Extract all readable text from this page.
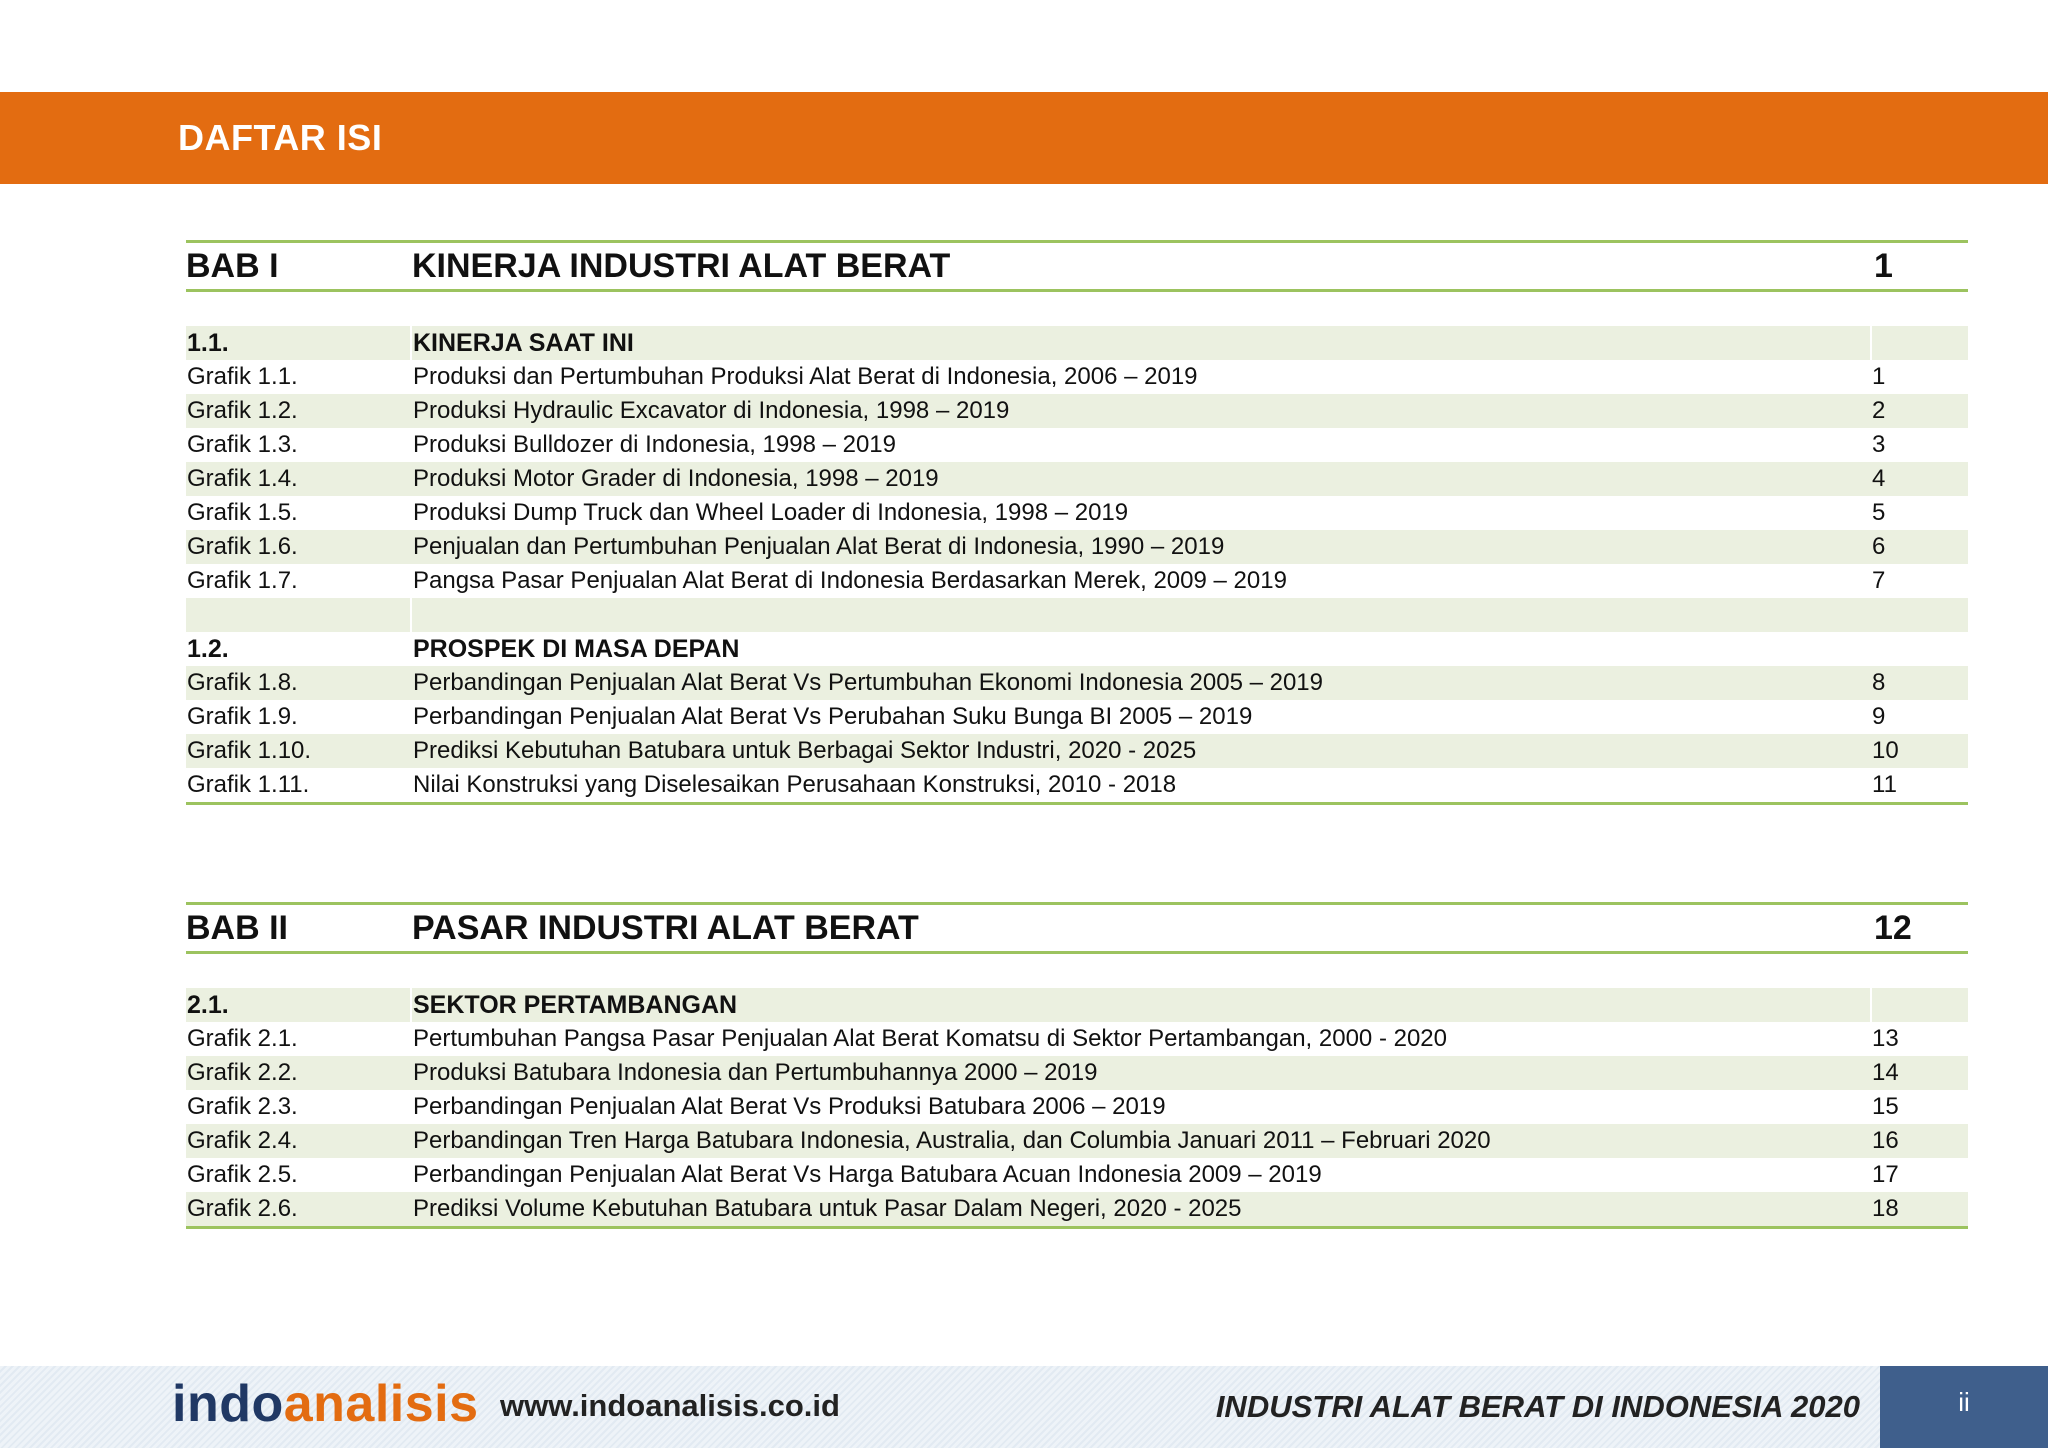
DAFTAR ISI
BAB I	KINERJA INDUSTRI ALAT BERAT	1
1.1.	KINERJA SAAT INI
Grafik 1.1.	Produksi dan Pertumbuhan Produksi Alat Berat di Indonesia, 2006 – 2019	1
Grafik 1.2.	Produksi Hydraulic Excavator di Indonesia, 1998 – 2019	2
Grafik 1.3.	Produksi Bulldozer di Indonesia, 1998 – 2019	3
Grafik 1.4.	Produksi Motor Grader di Indonesia, 1998 – 2019	4
Grafik 1.5.	Produksi Dump Truck dan Wheel Loader di Indonesia, 1998 – 2019	5
Grafik 1.6.	Penjualan dan Pertumbuhan Penjualan Alat Berat di Indonesia, 1990 – 2019	6
Grafik 1.7.	Pangsa Pasar Penjualan Alat Berat di Indonesia Berdasarkan Merek, 2009 – 2019	7
1.2.	PROSPEK DI MASA DEPAN
Grafik 1.8.	Perbandingan Penjualan Alat Berat Vs Pertumbuhan Ekonomi Indonesia 2005 – 2019	8
Grafik 1.9.	Perbandingan Penjualan Alat Berat Vs Perubahan Suku Bunga BI 2005 – 2019	9
Grafik 1.10.	Prediksi Kebutuhan Batubara untuk Berbagai Sektor Industri, 2020 - 2025	10
Grafik 1.11.	Nilai Konstruksi yang Diselesaikan Perusahaan Konstruksi, 2010 - 2018	11
BAB II	PASAR INDUSTRI ALAT BERAT	12
2.1.	SEKTOR PERTAMBANGAN
Grafik 2.1.	Pertumbuhan Pangsa Pasar Penjualan Alat Berat Komatsu di Sektor Pertambangan, 2000 - 2020	13
Grafik 2.2.	Produksi Batubara Indonesia dan Pertumbuhannya 2000 – 2019	14
Grafik 2.3.	Perbandingan Penjualan Alat Berat Vs Produksi Batubara 2006 – 2019	15
Grafik 2.4.	Perbandingan Tren Harga Batubara Indonesia, Australia, dan Columbia Januari 2011 – Februari 2020	16
Grafik 2.5.	Perbandingan Penjualan Alat Berat Vs Harga Batubara Acuan Indonesia 2009 – 2019	17
Grafik 2.6.	Prediksi Volume Kebutuhan Batubara untuk Pasar Dalam Negeri, 2020 - 2025	18
indoanalisis www.indoanalisis.co.id	INDUSTRI ALAT BERAT DI INDONESIA 2020	ii
